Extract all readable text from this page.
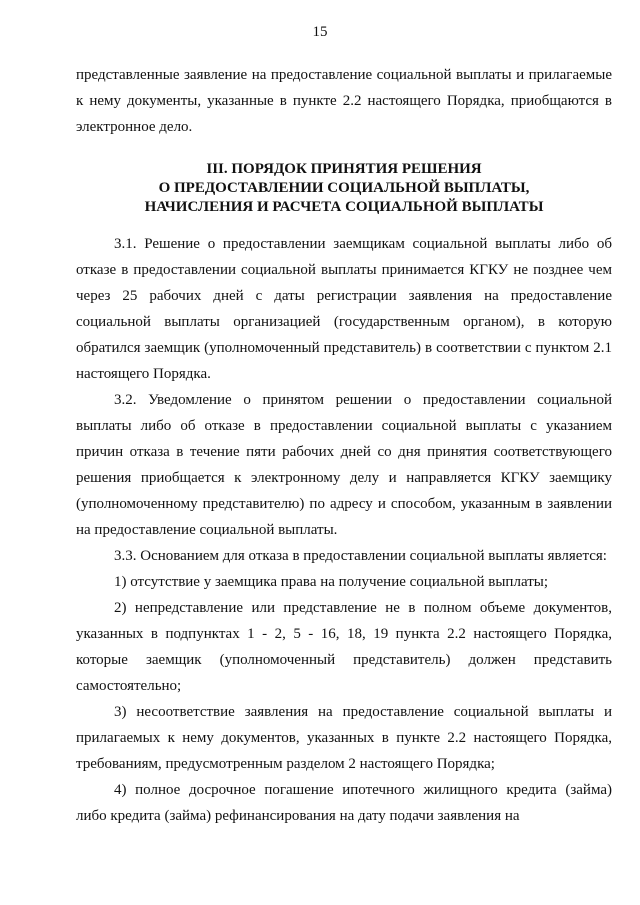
15

представленные заявление на предоставление социальной выплаты и прилагаемые к нему документы, указанные в пункте 2.2 настоящего Порядка, приобщаются в электронное дело.

III. ПОРЯДОК ПРИНЯТИЯ РЕШЕНИЯ
О ПРЕДОСТАВЛЕНИИ СОЦИАЛЬНОЙ ВЫПЛАТЫ,
НАЧИСЛЕНИЯ И РАСЧЕТА СОЦИАЛЬНОЙ ВЫПЛАТЫ

3.1. Решение о предоставлении заемщикам социальной выплаты либо об отказе в предоставлении социальной выплаты принимается КГКУ не позднее чем через 25 рабочих дней с даты регистрации заявления на предоставление социальной выплаты организацией (государственным органом), в которую обратился заемщик (уполномоченный представитель) в соответствии с пунктом 2.1 настоящего Порядка.

3.2. Уведомление о принятом решении о предоставлении социальной выплаты либо об отказе в предоставлении социальной выплаты с указанием причин отказа в течение пяти рабочих дней со дня принятия соответствующего решения приобщается к электронному делу и направляется КГКУ заемщику (уполномоченному представителю) по адресу и способом, указанным в заявлении на предоставление социальной выплаты.

3.3. Основанием для отказа в предоставлении социальной выплаты является:

1) отсутствие у заемщика права на получение социальной выплаты;

2) непредставление или представление не в полном объеме документов, указанных в подпунктах 1 - 2, 5 - 16, 18, 19 пункта 2.2 настоящего Порядка, которые заемщик (уполномоченный представитель) должен представить самостоятельно;

3) несоответствие заявления на предоставление социальной выплаты и прилагаемых к нему документов, указанных в пункте 2.2 настоящего Порядка, требованиям, предусмотренным разделом 2 настоящего Порядка;

4) полное досрочное погашение ипотечного жилищного кредита (займа) либо кредита (займа) рефинансирования на дату подачи заявления на
